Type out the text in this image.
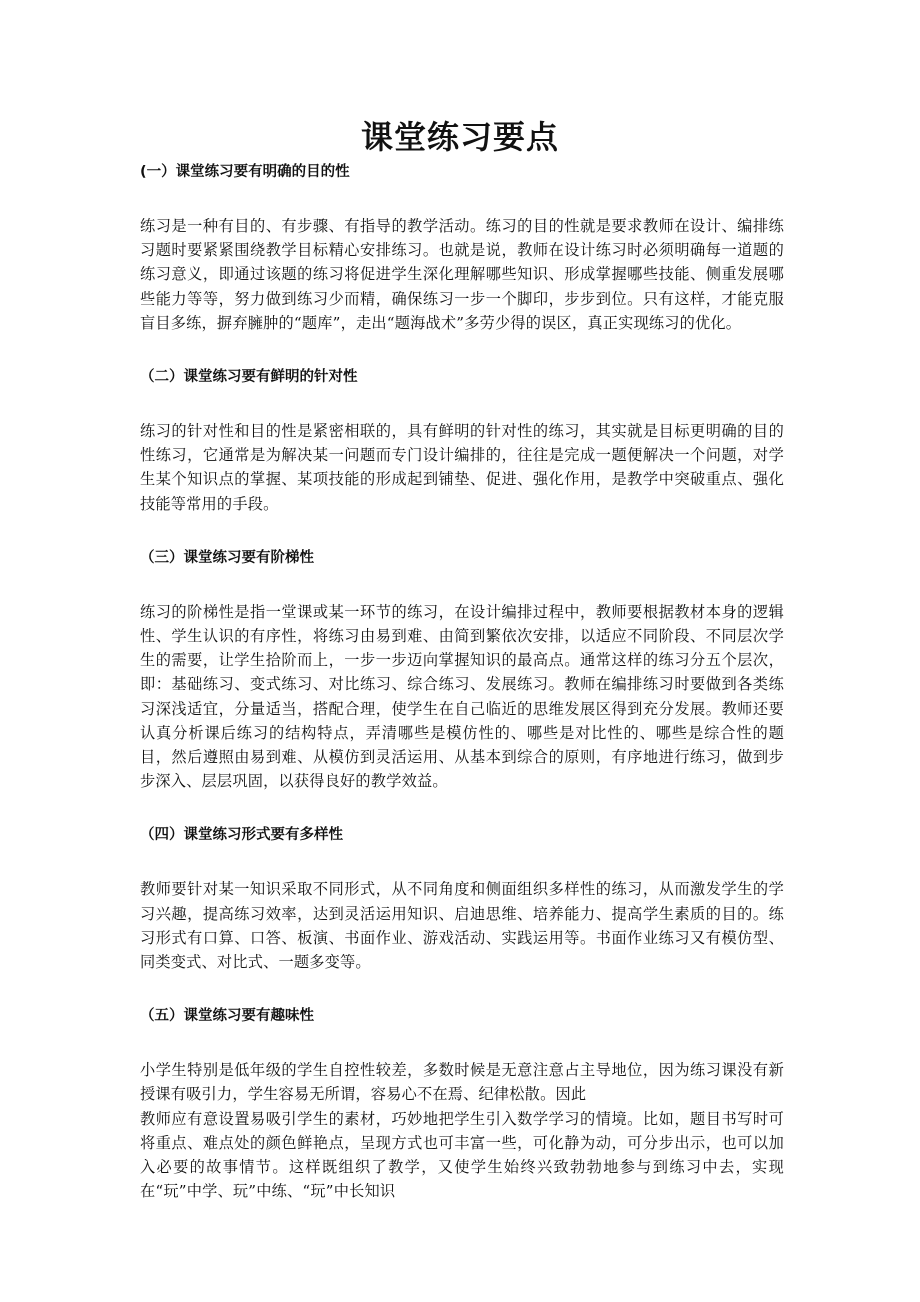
课堂练习要点

(一）课堂练习要有明确的目的性

练习是一种有目的、有步骤、有指导的教学活动。练习的目的性就是要求教师在设计、编排练习题时要紧紧围绕教学目标精心安排练习。也就是说，教师在设计练习时必须明确每一道题的练习意义，即通过该题的练习将促进学生深化理解哪些知识、形成掌握哪些技能、侧重发展哪些能力等等，努力做到练习少而精，确保练习一步一个脚印，步步到位。只有这样，才能克服盲目多练，摒弃臃肿的“题库”，走出“题海战术”多劳少得的误区，真正实现练习的优化。

（二）课堂练习要有鲜明的针对性

练习的针对性和目的性是紧密相联的，具有鲜明的针对性的练习，其实就是目标更明确的目的性练习，它通常是为解决某一问题而专门设计编排的，往往是完成一题便解决一个问题，对学生某个知识点的掌握、某项技能的形成起到铺垫、促进、强化作用，是教学中突破重点、强化技能等常用的手段。

（三）课堂练习要有阶梯性

练习的阶梯性是指一堂课或某一环节的练习，在设计编排过程中，教师要根据教材本身的逻辑性、学生认识的有序性，将练习由易到难、由简到繁依次安排，以适应不同阶段、不同层次学生的需要，让学生拾阶而上，一步一步迈向掌握知识的最高点。通常这样的练习分五个层次，即：基础练习、变式练习、对比练习、综合练习、发展练习。教师在编排练习时要做到各类练习深浅适宜，分量适当，搭配合理，使学生在自己临近的思维发展区得到充分发展。教师还要认真分析课后练习的结构特点，弄清哪些是模仿性的、哪些是对比性的、哪些是综合性的题目，然后遵照由易到难、从模仿到灵活运用、从基本到综合的原则，有序地进行练习，做到步步深入、层层巩固，以获得良好的教学效益。

（四）课堂练习形式要有多样性

教师要针对某一知识采取不同形式，从不同角度和侧面组织多样性的练习，从而激发学生的学习兴趣，提高练习效率，达到灵活运用知识、启迪思维、培养能力、提高学生素质的目的。练习形式有口算、口答、板演、书面作业、游戏活动、实践运用等。书面作业练习又有模仿型、同类变式、对比式、一题多变等。

（五）课堂练习要有趣味性

小学生特别是低年级的学生自控性较差，多数时候是无意注意占主导地位，因为练习课没有新授课有吸引力，学生容易无所谓，容易心不在焉、纪律松散。因此

教师应有意设置易吸引学生的素材，巧妙地把学生引入数学学习的情境。比如，题目书写时可将重点、难点处的颜色鲜艳点，呈现方式也可丰富一些，可化静为动，可分步出示，也可以加入必要的故事情节。这样既组织了教学，又使学生始终兴致勃勃地参与到练习中去，实现在“玩”中学、玩”中练、“玩”中长知识
